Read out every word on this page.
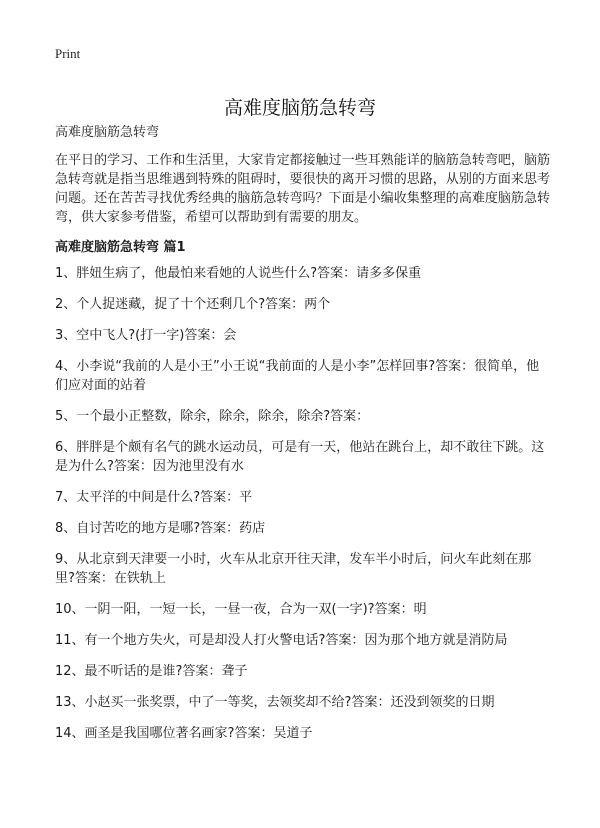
Print
高难度脑筋急转弯
高难度脑筋急转弯

在平日的学习、工作和生活里，大家肯定都接触过一些耳熟能详的脑筋急转弯吧，脑筋急转弯就是指当思维遇到特殊的阻碍时，要很快的离开习惯的思路，从别的方面来思考问题。还在苦苦寻找优秀经典的脑筋急转弯吗？下面是小编收集整理的高难度脑筋急转弯，供大家参考借鉴，希望可以帮助到有需要的朋友。

高难度脑筋急转弯 篇1
1、胖妞生病了，他最怕来看她的人说些什么?答案：请多多保重
2、个人捉迷藏，捉了十个还剩几个?答案：两个
3、空中飞人?(打一字)答案：会
4、小李说“我前的人是小王”小王说“我前面的人是小李”怎样回事?答案：很简单，他们应对面的站着
5、一个最小正整数，除余，除余，除余，除余?答案：
6、胖胖是个颇有名气的跳水运动员，可是有一天，他站在跳台上，却不敢往下跳。这是为什么?答案：因为池里没有水
7、太平洋的中间是什么?答案：平
8、自讨苦吃的地方是哪?答案：药店
9、从北京到天津要一小时，火车从北京开往天津，发车半小时后，问火车此刻在那里?答案：在铁轨上
10、一阴一阳，一短一长，一昼一夜，合为一双(一字)?答案：明
11、有一个地方失火，可是却没人打火警电话?答案：因为那个地方就是消防局
12、最不听话的是谁?答案：聋子
13、小赵买一张奖票，中了一等奖，去领奖却不给?答案：还没到领奖的日期
14、画圣是我国哪位著名画家?答案：吴道子
